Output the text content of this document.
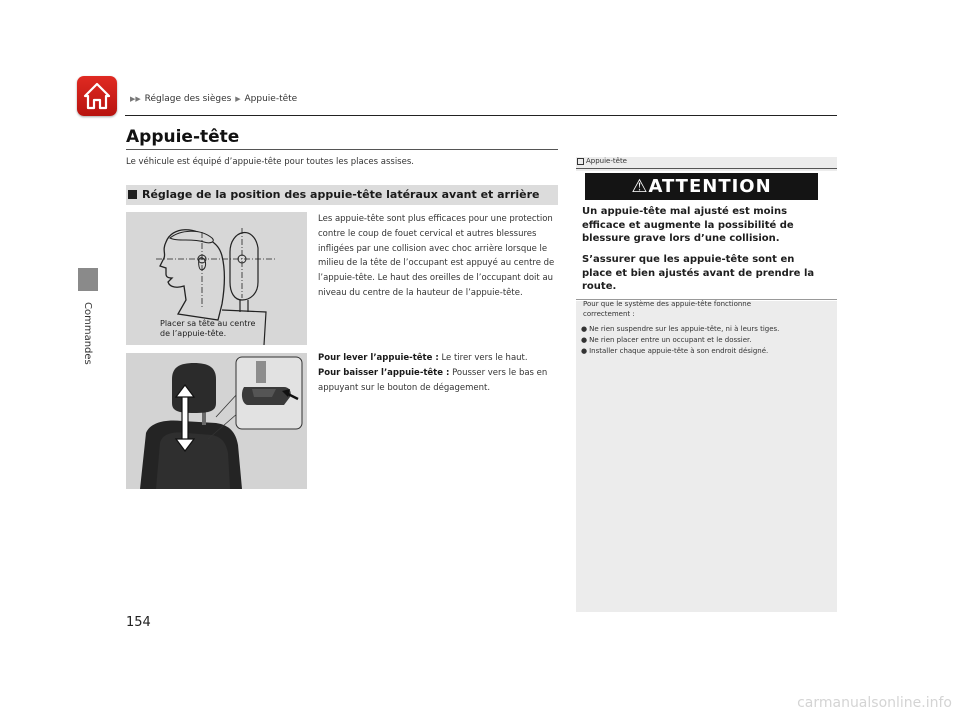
▶▶ Réglage des sièges ▶ Appuie-tête
Commandes
Appuie-tête
Le véhicule est équipé d’appuie-tête pour toutes les places assises.
Réglage de la position des appuie-tête latéraux avant et arrière
Placer sa tête au centre
de l’appuie-tête.
Les appuie-tête sont plus efficaces pour une protection contre le coup de fouet cervical et autres blessures infligées par une collision avec choc arrière lorsque le milieu de la tête de l’occupant est appuyé au centre de l’appuie-tête. Le haut des oreilles de l’occupant doit au niveau du centre de la hauteur de l’appuie-tête.
Pour lever l’appuie-tête : Le tirer vers le haut.
Pour baisser l’appuie-tête : Pousser vers le bas en appuyant sur le bouton de dégagement.
Appuie-tête
⚠ATTENTION
Un appuie-tête mal ajusté est moins efficace et augmente la possibilité de blessure grave lors d’une collision.
S’assurer que les appuie-tête sont en place et bien ajustés avant de prendre la route.
Pour que le système des appuie-tête fonctionne
correctement :
● Ne rien suspendre sur les appuie-tête, ni à leurs tiges.
● Ne rien placer entre un occupant et le dossier.
● Installer chaque appuie-tête à son endroit désigné.
154
carmanualsonline.info
